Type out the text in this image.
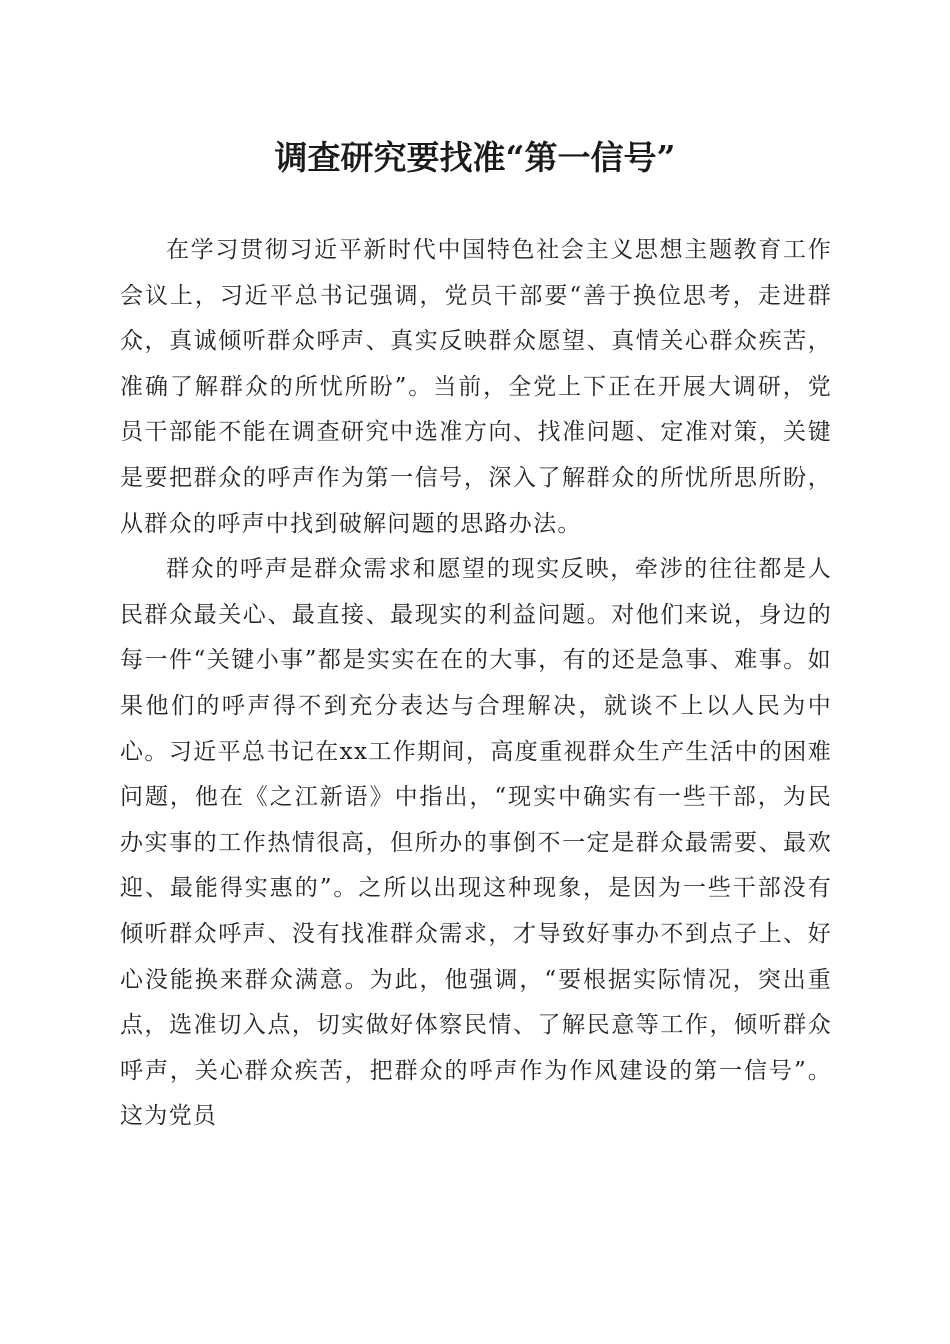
调查研究要找准“第一信号”

在学习贯彻习近平新时代中国特色社会主义思想主题教育工作会议上，习近平总书记强调，党员干部要“善于换位思考，走进群众，真诚倾听群众呼声、真实反映群众愿望、真情关心群众疾苦，准确了解群众的所忧所盼”。当前，全党上下正在开展大调研，党员干部能不能在调查研究中选准方向、找准问题、定准对策，关键是要把群众的呼声作为第一信号，深入了解群众的所忧所思所盼，从群众的呼声中找到破解问题的思路办法。

群众的呼声是群众需求和愿望的现实反映，牵涉的往往都是人民群众最关心、最直接、最现实的利益问题。对他们来说，身边的每一件“关键小事”都是实实在在的大事，有的还是急事、难事。如果他们的呼声得不到充分表达与合理解决，就谈不上以人民为中心。习近平总书记在xx工作期间，高度重视群众生产生活中的困难问题，他在《之江新语》中指出，“现实中确实有一些干部，为民办实事的工作热情很高，但所办的事倒不一定是群众最需要、最欢迎、最能得实惠的”。之所以出现这种现象，是因为一些干部没有倾听群众呼声、没有找准群众需求，才导致好事办不到点子上、好心没能换来群众满意。为此，他强调，“要根据实际情况，突出重点，选准切入点，切实做好体察民情、了解民意等工作，倾听群众呼声，关心群众疾苦，把群众的呼声作为作风建设的第一信号”。这为党员
